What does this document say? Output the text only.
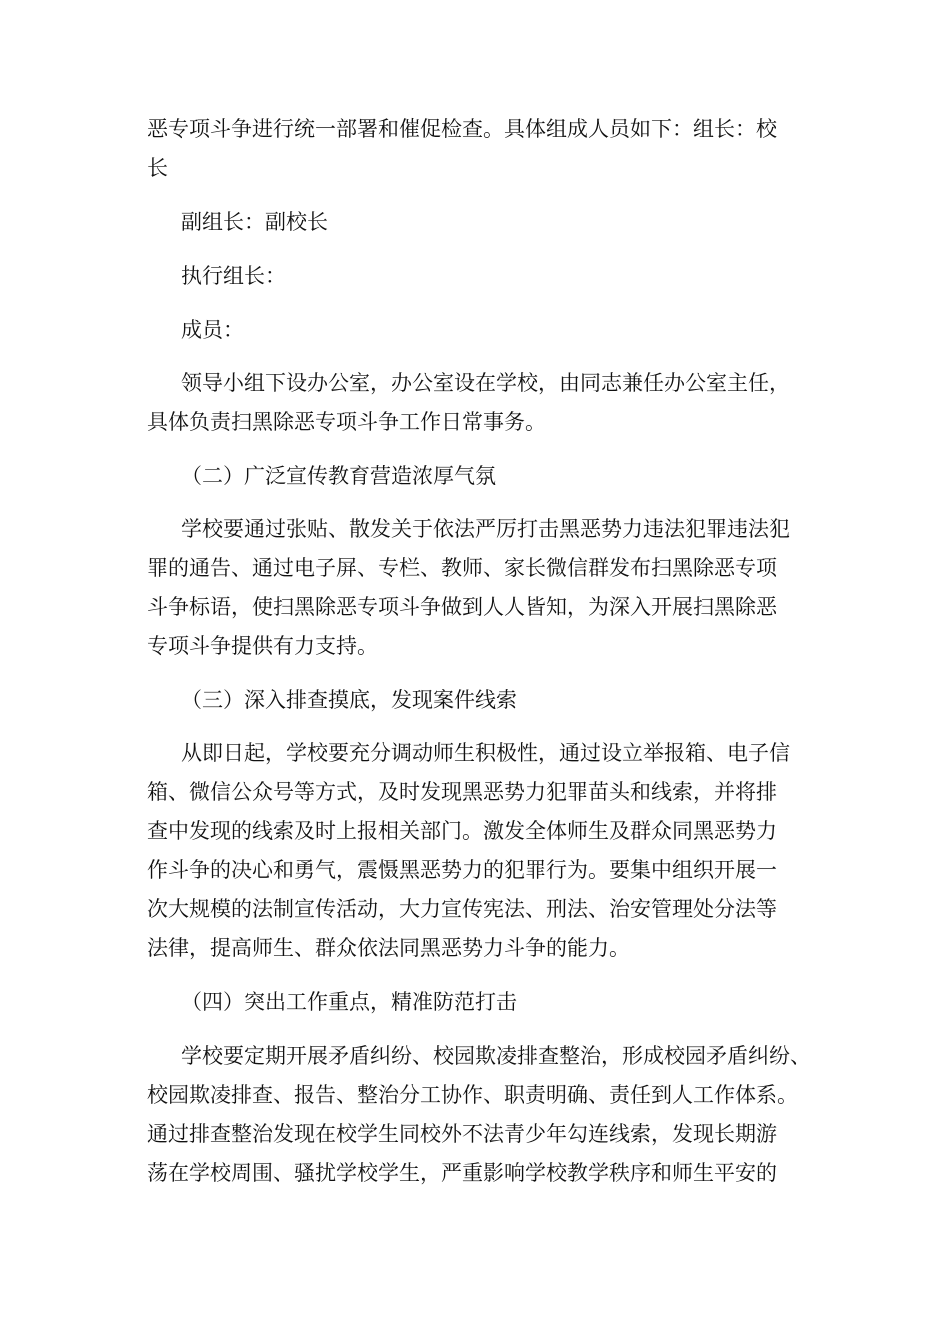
恶专项斗争进行统一部署和催促检查。具体组成人员如下：组长：校
长
副组长：副校长
执行组长：
成员：
领导小组下设办公室，办公室设在学校，由同志兼任办公室主任，
具体负责扫黑除恶专项斗争工作日常事务。
（二）广泛宣传教育营造浓厚气氛
学校要通过张贴、散发关于依法严厉打击黑恶势力违法犯罪违法犯
罪的通告、通过电子屏、专栏、教师、家长微信群发布扫黑除恶专项
斗争标语，使扫黑除恶专项斗争做到人人皆知，为深入开展扫黑除恶
专项斗争提供有力支持。
（三）深入排查摸底，发现案件线索
从即日起，学校要充分调动师生积极性，通过设立举报箱、电子信
箱、微信公众号等方式，及时发现黑恶势力犯罪苗头和线索，并将排
查中发现的线索及时上报相关部门。激发全体师生及群众同黑恶势力
作斗争的决心和勇气，震慑黑恶势力的犯罪行为。要集中组织开展一
次大规模的法制宣传活动，大力宣传宪法、刑法、治安管理处分法等
法律，提高师生、群众依法同黑恶势力斗争的能力。
（四）突出工作重点，精准防范打击
学校要定期开展矛盾纠纷、校园欺凌排查整治，形成校园矛盾纠纷、
校园欺凌排查、报告、整治分工协作、职责明确、责任到人工作体系。
通过排查整治发现在校学生同校外不法青少年勾连线索，发现长期游
荡在学校周围、骚扰学校学生，严重影响学校教学秩序和师生平安的
